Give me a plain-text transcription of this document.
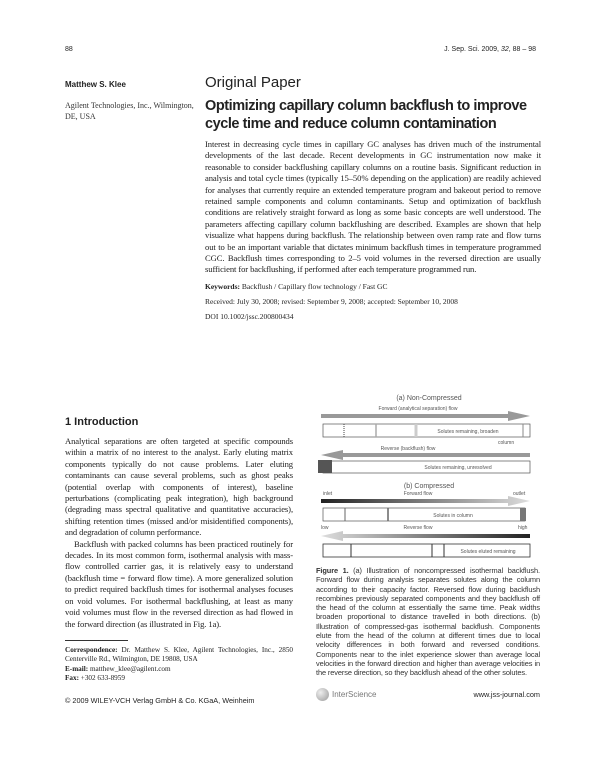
88	J. Sep. Sci. 2009, 32, 88 – 98
Matthew S. Klee
Agilent Technologies, Inc., Wilmington, DE, USA
Original Paper
Optimizing capillary column backflush to improve cycle time and reduce column contamination
Interest in decreasing cycle times in capillary GC analyses has driven much of the instrumental developments of the last decade. Recent developments in GC instrumentation now make it reasonable to consider backflushing capillary columns on a routine basis. Significant reduction in analysis and total cycle times (typically 15–50% depending on the application) are readily achieved for analyses that currently require an extended temperature program and bakeout period to remove retained sample components and column contaminants. Setup and optimization of backflush conditions are relatively straight forward as long as some basic concepts are well understood. The parameters affecting capillary column backflushing are described. Examples are shown that help visualize what happens during backflush. The relationship between oven ramp rate and flow turns out to be an important variable that dictates minimum backflush times in temperature programmed CGC. Backflush times corresponding to 2–5 void volumes in the reversed direction are usually sufficient for backflushing, if performed after each temperature programmed run.
Keywords: Backflush / Capillary flow technology / Fast GC
Received: July 30, 2008; revised: September 9, 2008; accepted: September 10, 2008
DOI 10.1002/jssc.200800434
1 Introduction

Analytical separations are often targeted at specific compounds within a matrix of no interest to the analyst. Early eluting matrix components typically do not cause problems. Later eluting contaminants can cause several problems, such as ghost peaks (potential overlap with components of interest), baseline perturbations (complicating peak integration), high background (degrading mass spectral qualitative and quantitative accuracies), shifting retention times (missed and/or misidentified components), and degradation of column performance.

Backflush with packed columns has been practiced routinely for decades. In its most common form, isothermal analysis with mass-flow controlled carrier gas, it is relatively easy to understand (backflush time = forward flow time). A more generalized solution to predict required backflush times for isothermal analyses focuses on void volumes. For isothermal backflushing, at least as many void volumes must flow in the reversed direction as had flowed in the forward direction (as illustrated in Fig. 1a).

Correspondence: Dr. Matthew S. Klee, Agilent Technologies, Inc., 2850 Centerville Rd., Wilmington, DE 19808, USA
E-mail: matthew_klee@agilent.com
Fax: +302 633-8959
© 2009 WILEY-VCH Verlag GmbH & Co. KGaA, Weinheim
(a) Non-Compressed
Forward (analytical separation) flow
Solutes remaining, broaden
column
Reverse (backflush) flow
Solutes remaining, unresolved
(b) Compressed
inlet	Forward flow	outlet
Solutes in column
low	Reverse flow	high
Solutes eluted remaining
Figure 1. (a) Illustration of noncompressed isothermal backflush. Forward flow during analysis separates solutes along the column according to their capacity factor. Reversed flow during backflush recombines previously separated components and they backflush off the head of the column at essentially the same time. Peak widths broaden proportional to distance travelled in both directions. (b) Illustration of compressed-gas isothermal backflush. Components elute from the head of the column at different times due to local velocity differences in both forward and reversed conditions. Components near to the inlet experience slower than average local velocities in the forward direction and higher than average velocities in the reverse direction, so they backflush ahead of the other solutes.
InterScience	www.jss-journal.com
